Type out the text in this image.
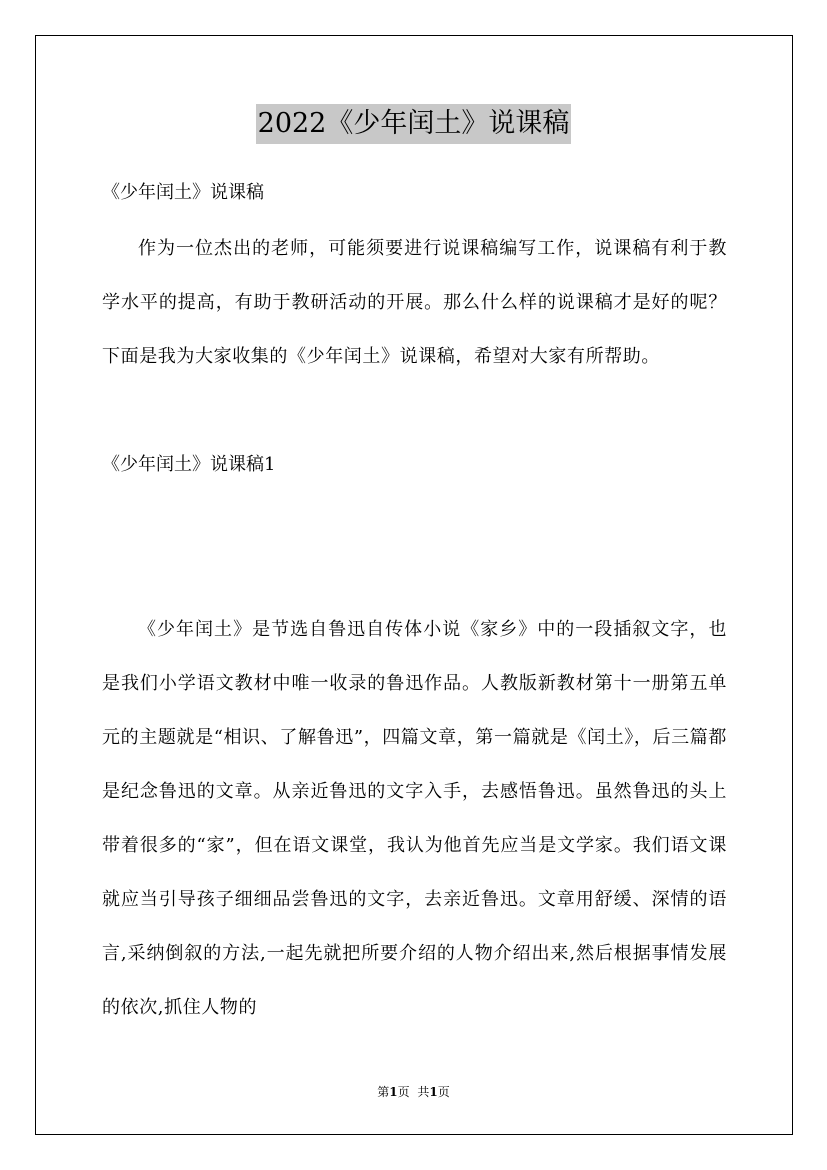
2022《少年闰土》说课稿
《少年闰土》说课稿
作为一位杰出的老师，可能须要进行说课稿编写工作，说课稿有利于教学水平的提高，有助于教研活动的开展。那么什么样的说课稿才是好的呢？下面是我为大家收集的《少年闰土》说课稿，希望对大家有所帮助。
《少年闰土》说课稿1
《少年闰土》是节选自鲁迅自传体小说《家乡》中的一段插叙文字，也是我们小学语文教材中唯一收录的鲁迅作品。人教版新教材第十一册第五单元的主题就是“相识、了解鲁迅”，四篇文章，第一篇就是《闰土》，后三篇都是纪念鲁迅的文章。从亲近鲁迅的文字入手，去感悟鲁迅。虽然鲁迅的头上带着很多的“家”，但在语文课堂，我认为他首先应当是文学家。我们语文课就应当引导孩子细细品尝鲁迅的文字，去亲近鲁迅。文章用舒缓、深情的语言,采纳倒叙的方法,一起先就把所要介绍的人物介绍出来,然后根据事情发展的依次,抓住人物的
第1页 共1页
